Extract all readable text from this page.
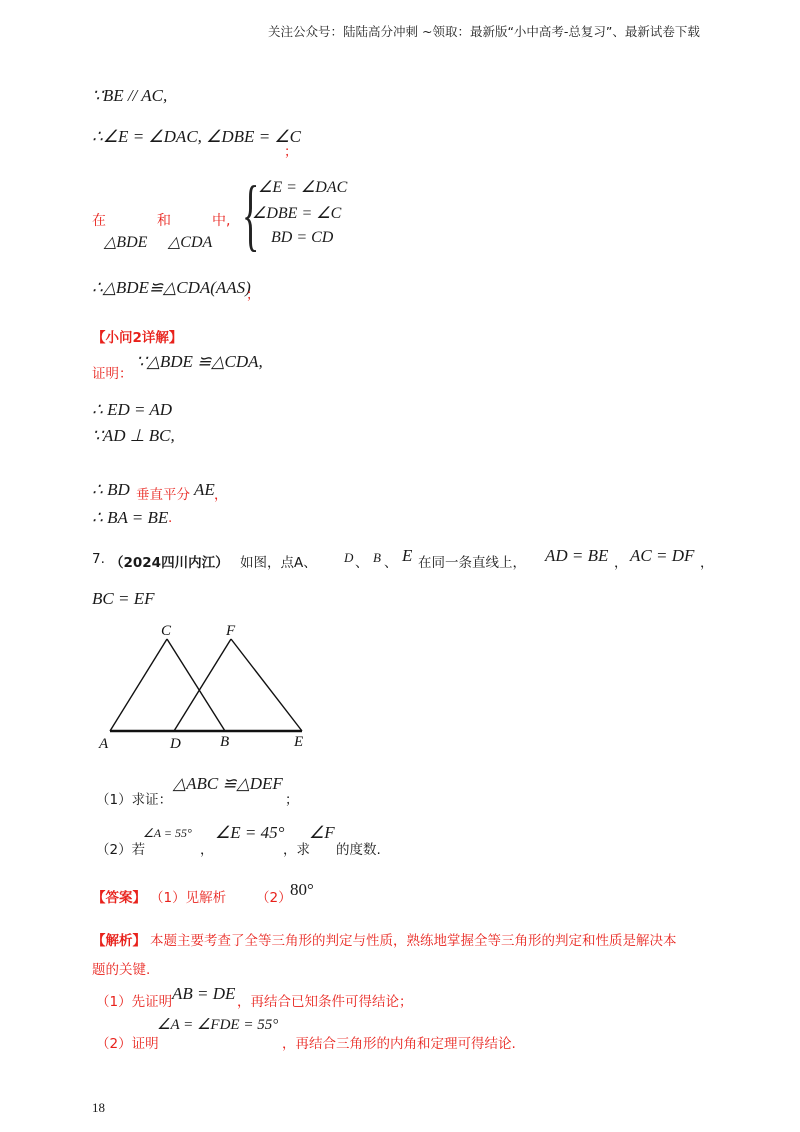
关注公众号：陆陆高分冲刺 ~领取：最新版“小中高考-总复习”、最新试卷下载
∵BE // AC,
∴∠E = ∠DAC, ∠DBE = ∠C
；
在	和	中,
△BDE △CDA {
∠E = ∠DAC
∠DBE = ∠C
BD = CD
∴△BDE≌△CDA(AAS)
；
【小问2详解】
证明：
∵△BDE ≌△CDA,
∴ ED = AD
∵AD ⊥ BC,
∴ BD 垂直平分 AE ，
∴ BA = BE .
7. （2024四川内江） 如图，点A、 D 、 B 、 E 在同一条直线上， AD = BE ， AC = DF ，
BC = EF
A
C
D	B
F
E
（1）求证：
△ABC ≌△DEF
；
（2）若
∠A = 55°
，
∠E = 45°
，求
∠F
的度数.
【答案】 （1）见解析 （2）
80°
【解析】 本题主要考查了全等三角形的判定与性质，熟练地掌握全等三角形的判定和性质是解决本
题的关键.
（1）先证明 AB = DE ，再结合已知条件可得结论；
（2）证明
∠A = ∠FDE = 55°
，再结合三角形的内角和定理可得结论.
18
